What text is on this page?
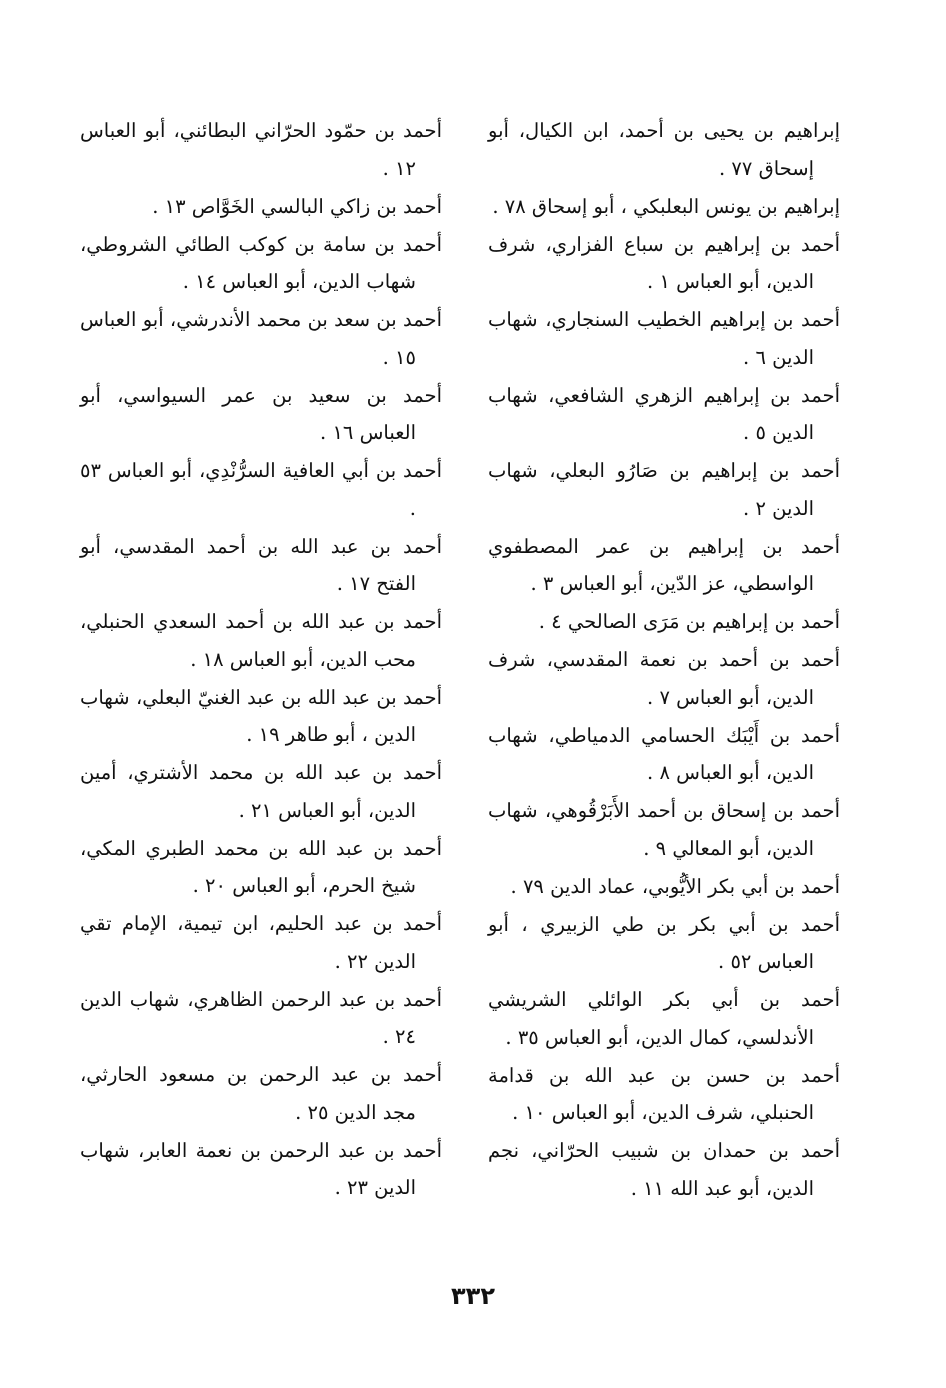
إبراهيم بن يحيى بن أحمد، ابن الكيال، أبو إسحاق ٧٧ .

إبراهيم بن يونس البعلبكي ، أبو إسحاق ٧٨ .

أحمد بن إبراهيم بن سباع الفزاري، شرف الدين، أبو العباس ١ .

أحمد بن إبراهيم الخطيب السنجاري، شهاب الدين ٦ .

أحمد بن إبراهيم الزهري الشافعي، شهاب الدين ٥ .

أحمد بن إبراهيم بن صَارُو البعلي، شهاب الدين ٢ .

أحمد بن إبراهيم بن عمر المصطفوي الواسطي، عز الدّين، أبو العباس ٣ .

أحمد بن إبراهيم بن مَرَى الصالحي ٤ .

أحمد بن أحمد بن نعمة المقدسي، شرف الدين، أبو العباس ٧ .

أحمد بن أَيْبَك الحسامي الدمياطي، شهاب الدين، أبو العباس ٨ .

أحمد بن إسحاق بن أحمد الأَبَرْقُوهي، شهاب الدين، أبو المعالي ٩ .

أحمد بن أبي بكر الأيُّوبي، عماد الدين ٧٩ .

أحمد بن أبي بكر بن طي الزبيري ، أبو العباس ٥٢ .

أحمد بن أبي بكر الوائلي الشريشي الأندلسي، كمال الدين، أبو العباس ٣٥ .

أحمد بن حسن بن عبد الله بن قدامة الحنبلي، شرف الدين، أبو العباس ١٠ .

أحمد بن حمدان بن شبيب الحرّاني، نجم الدين، أبو عبد الله ١١ .

أحمد بن حمّود الحرّاني البطائني، أبو العباس ١٢ .

أحمد بن زاكي البالسي الخَوَّاص ١٣ .

أحمد بن سامة بن كوكب الطائي الشروطي، شهاب الدين، أبو العباس ١٤ .

أحمد بن سعد بن محمد الأندرشي، أبو العباس ١٥ .

أحمد بن سعيد بن عمر السيواسي، أبو العباس ١٦ .

أحمد بن أبي العافية السرُّنْدِي، أبو العباس ٥٣ .

أحمد بن عبد الله بن أحمد المقدسي، أبو الفتح ١٧ .

أحمد بن عبد الله بن أحمد السعدي الحنبلي، محب الدين، أبو العباس ١٨ .

أحمد بن عبد الله بن عبد الغنيّ البعلي، شهاب الدين ، أبو طاهر ١٩ .

أحمد بن عبد الله بن محمد الأشتري، أمين الدين، أبو العباس ٢١ .

أحمد بن عبد الله بن محمد الطبري المكي، شيخ الحرم، أبو العباس ٢٠ .

أحمد بن عبد الحليم، ابن تيمية، الإمام تقي الدين ٢٢ .

أحمد بن عبد الرحمن الظاهري، شهاب الدين ٢٤ .

أحمد بن عبد الرحمن بن مسعود الحارثي، مجد الدين ٢٥ .

أحمد بن عبد الرحمن بن نعمة العابر، شهاب الدين ٢٣ .

٣٣٢
